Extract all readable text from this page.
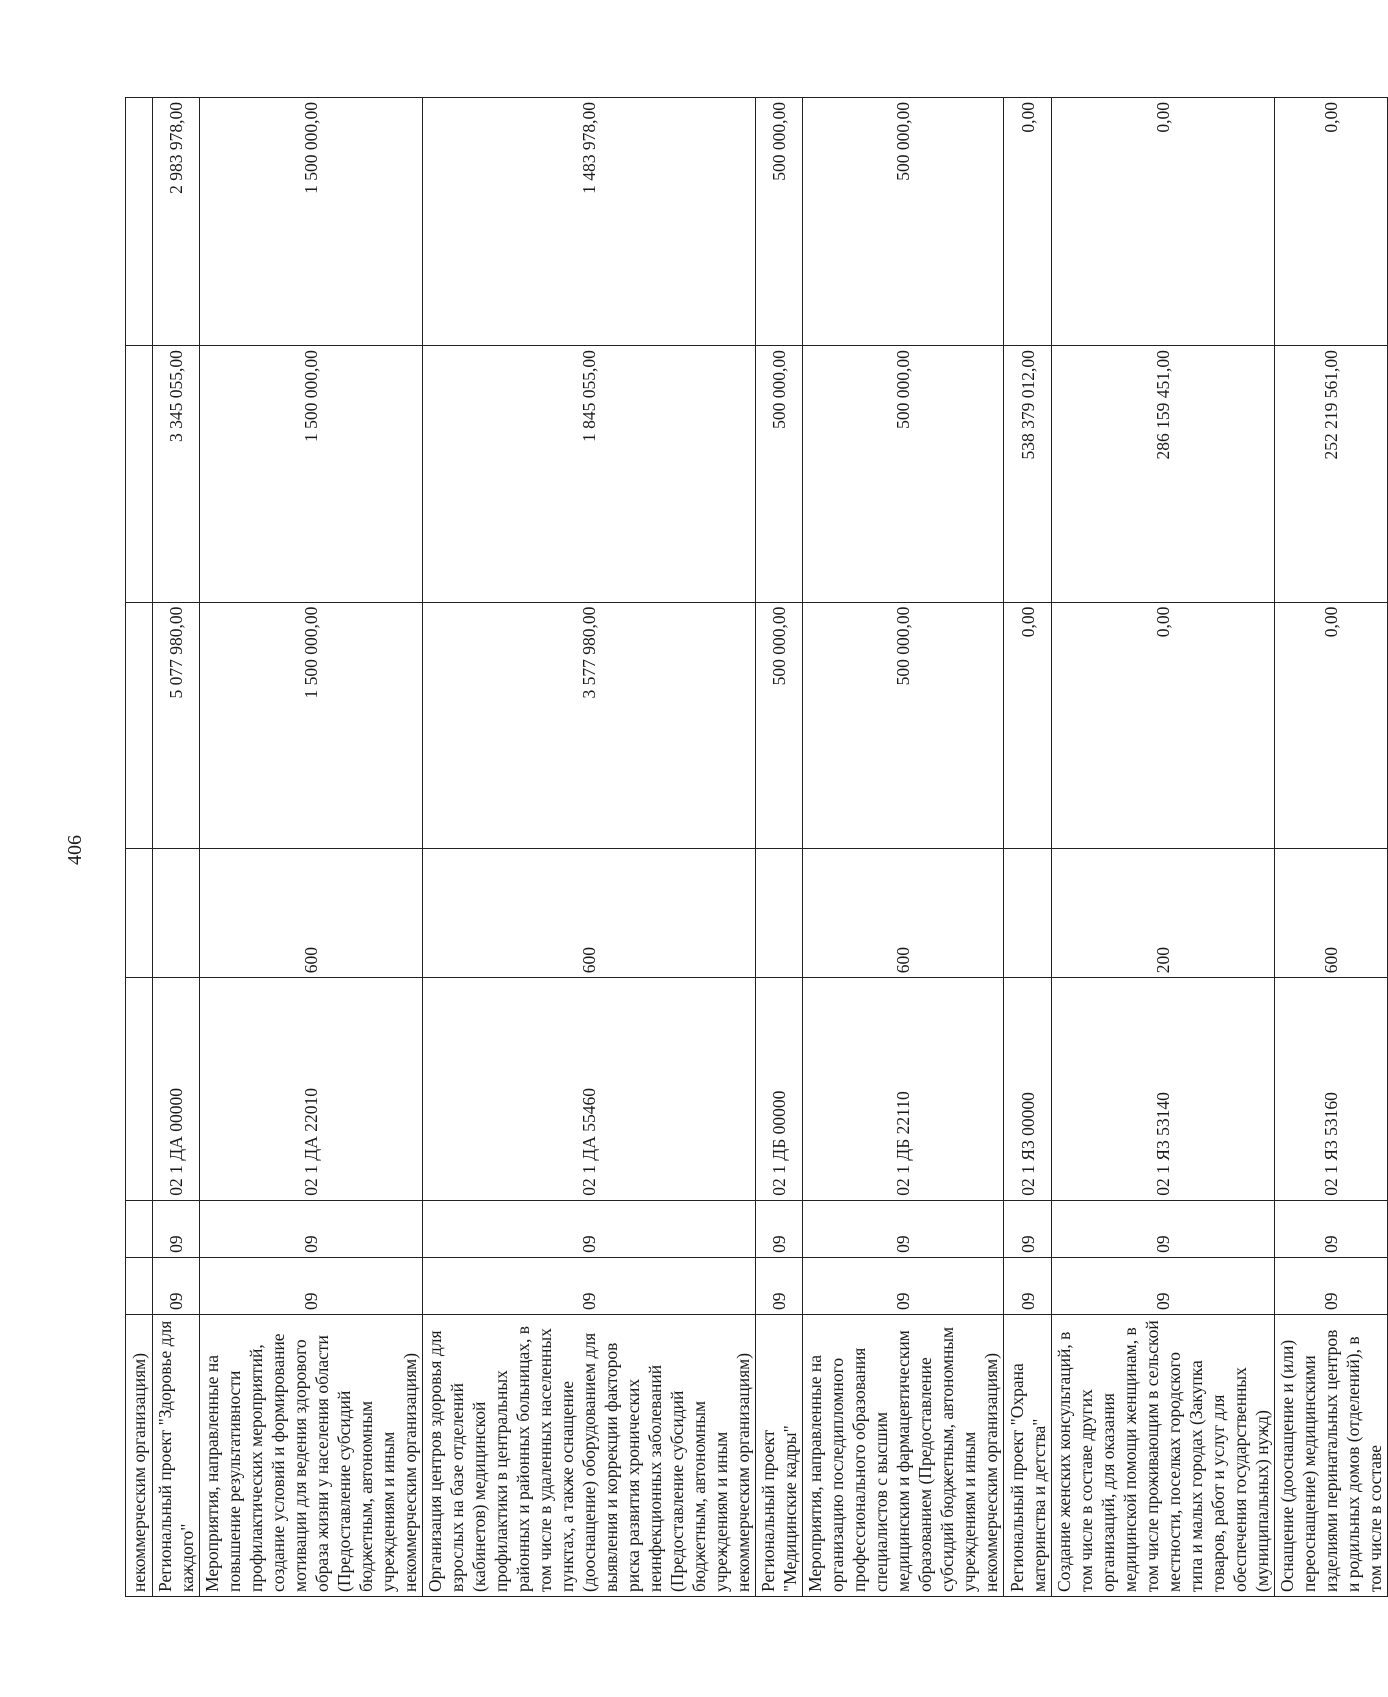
406
некоммерческим организациям)							
Региональный проект "Здоровье для каждого"	09	09	02 1 ДА 00000		5 077 980,00	3 345 055,00	2 983 978,00
Мероприятия, направленные на повышение результативности профилактических мероприятий, создание условий и формирование мотивации для ведения здорового образа жизни у населения области (Предоставление субсидий бюджетным, автономным учреждениям и иным некоммерческим организациям)	09	09	02 1 ДА 22010	600	1 500 000,00	1 500 000,00	1 500 000,00
Организация центров здоровья для взрослых на базе отделений (кабинетов) медицинской профилактики в центральных районных и районных больницах, в том числе в удаленных населенных пунктах, а также оснащение (дооснащение) оборудованием для выявления и коррекции факторов риска развития хронических неинфекционных заболеваний (Предоставление субсидий бюджетным, автономным учреждениям и иным некоммерческим организациям)	09	09	02 1 ДА 55460	600	3 577 980,00	1 845 055,00	1 483 978,00
Региональный проект "Медицинские кадры"	09	09	02 1 ДБ 00000		500 000,00	500 000,00	500 000,00
Мероприятия, направленные на организацию последипломного профессионального образования специалистов с высшим медицинским и фармацевтическим образованием (Предоставление субсидий бюджетным, автономным учреждениям и иным некоммерческим организациям)	09	09	02 1 ДБ 22110	600	500 000,00	500 000,00	500 000,00
Региональный проект "Охрана материнства и детства"	09	09	02 1 Я3 00000		0,00	538 379 012,00	0,00
Создание женских консультаций, в том числе в составе других организаций, для оказания медицинской помощи женщинам, в том числе проживающим в сельской местности, поселках городского типа и малых городах (Закупка товаров, работ и услуг для обеспечения государственных (муниципальных) нужд)	09	09	02 1 Я3 53140	200	0,00	286 159 451,00	0,00
Оснащение (дооснащение и (или) переоснащение) медицинскими изделиями перинатальных центров и родильных домов (отделений), в том числе в составе	09	09	02 1 Я3 53160	600	0,00	252 219 561,00	0,00
